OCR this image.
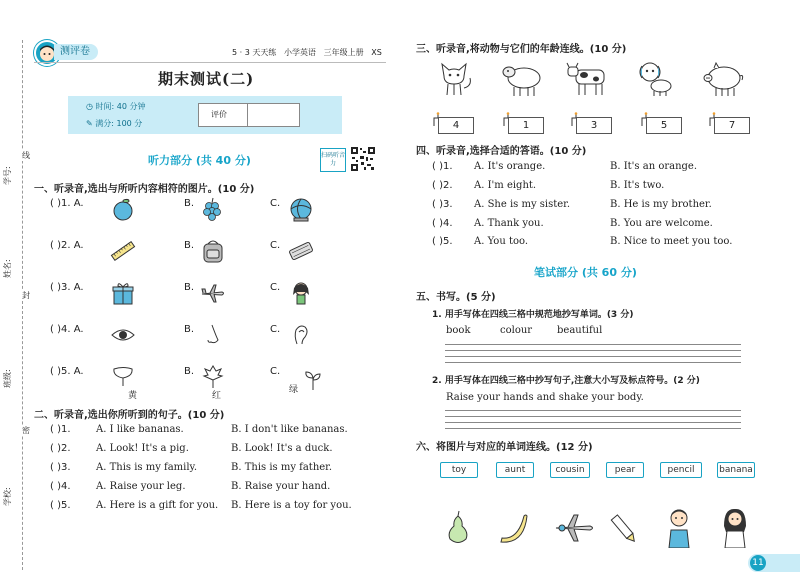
线
封
密
学号:
姓名:
班级:
学校:
测评卷	5 · 3 天天练 小学英语 三年级上册 XS
期末测试(二)
◷ 时间: 40 分钟
✎ 满分: 100 分
评价
听力部分 (共 40 分)	扫码听音力
一、听录音,选出与所听内容相符的图片。(10 分)
( )1. A.	B.	C.
( )2. A.	B.	C.
( )3. A.	B.	C.
( )4. A.	B.	C.
( )5. A.	B.	C.
黄	红
绿
二、听录音,选出你所听到的句子。(10 分)
( )1.	A. I like bananas.	B. I don't like bananas.
( )2.	A. Look! It's a pig.	B. Look! It's a duck.
( )3.	A. This is my family.	B. This is my father.
( )4.	A. Raise your leg.	B. Raise your hand.
( )5.	A. Here is a gift for you. B. Here is a toy for you.
三、听录音,将动物与它们的年龄连线。(10 分)
4	1	3	5	7
四、听录音,选择合适的答语。(10 分)
( )1. A. It's orange.	B. It's an orange.
( )2. A. I'm eight.	B. It's two.
( )3. A. She is my sister.	B. He is my brother.
( )4. A. Thank you.	B. You are welcome.
( )5. A. You too.	B. Nice to meet you too.
笔试部分 (共 60 分)
五、书写。(5 分)
1. 用手写体在四线三格中规范地抄写单词。(3 分)
book	colour beautiful
2. 用手写体在四线三格中抄写句子,注意大小写及标点符号。(2 分)
Raise your hands and shake your body.
六、将图片与对应的单词连线。(12 分)
toy	aunt	cousin	pear	pencil	banana
11
